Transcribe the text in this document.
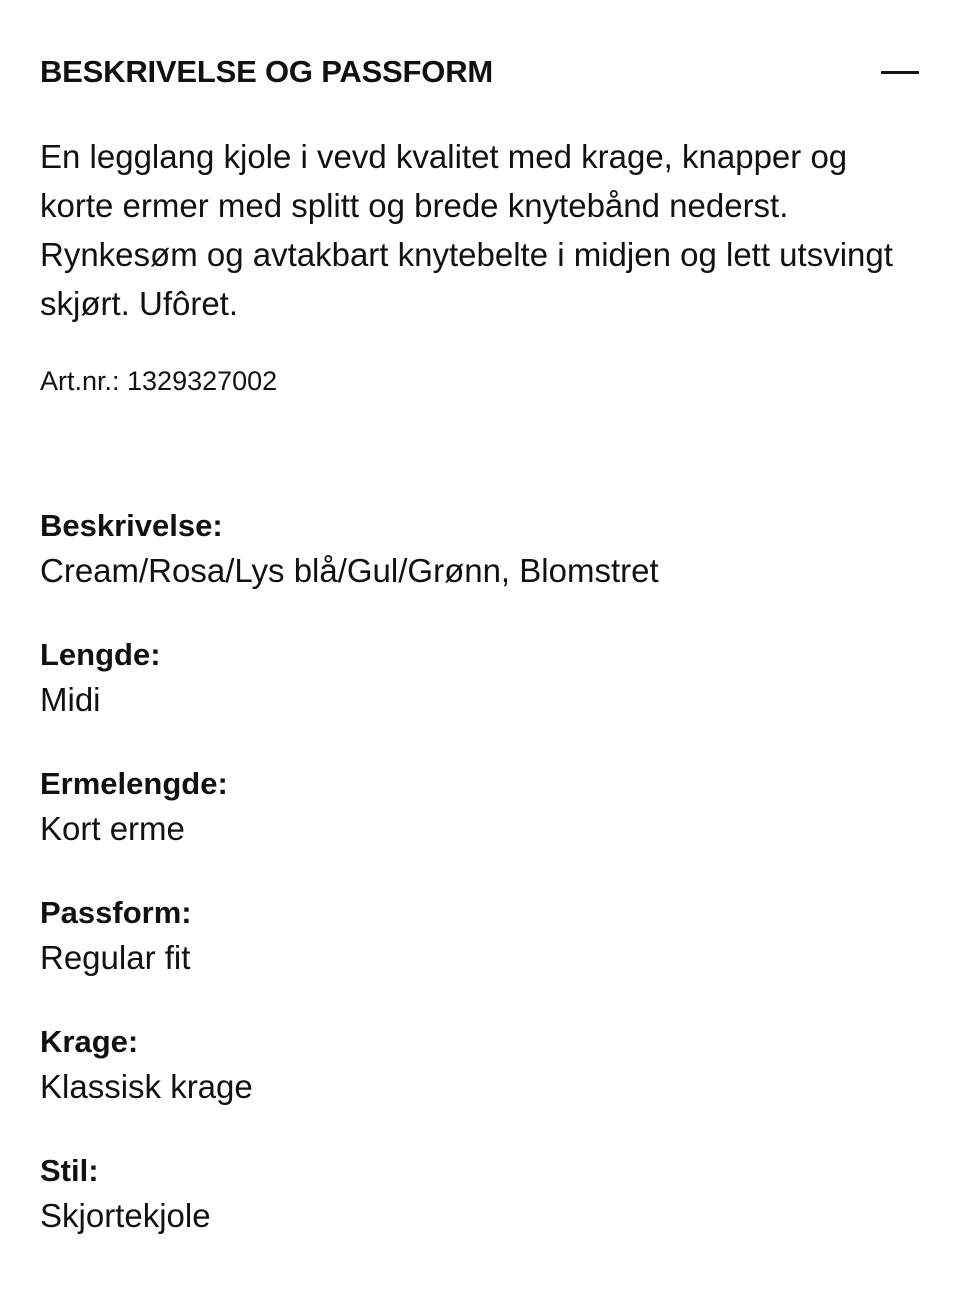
BESKRIVELSE OG PASSFORM

En legglang kjole i vevd kvalitet med krage, knapper og korte ermer med splitt og brede knytebånd nederst. Rynkesøm og avtakbart knytebelte i midjen og lett utsvingt skjørt. Ufôret.

Art.nr.: 1329327002
Beskrivelse:
Cream/Rosa/Lys blå/Gul/Grønn, Blomstret
Lengde:
Midi
Ermelengde:
Kort erme
Passform:
Regular fit
Krage:
Klassisk krage
Stil:
Skjortekjole
